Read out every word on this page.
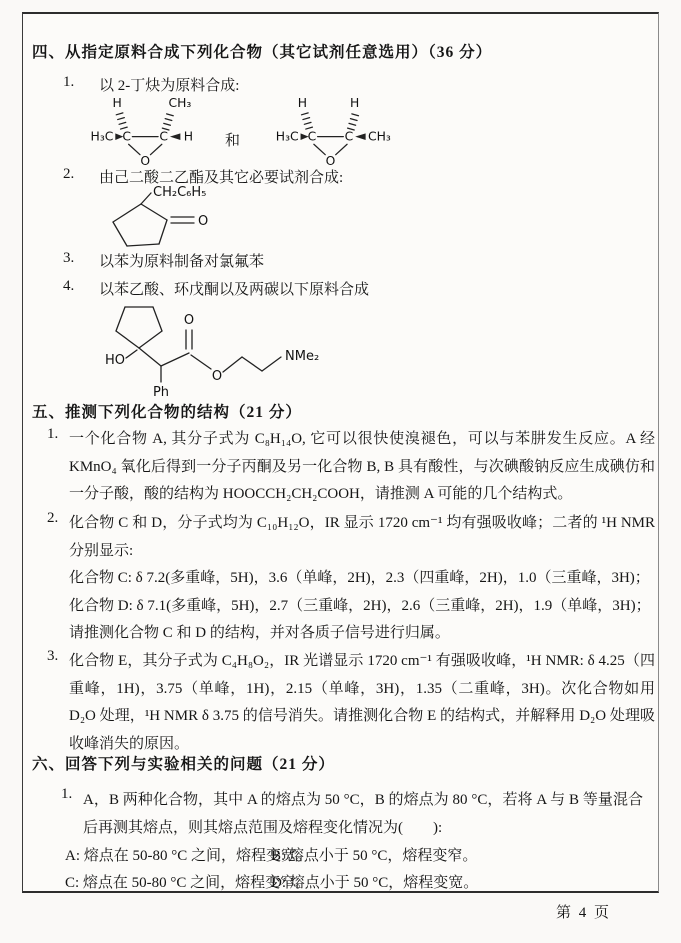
四、从指定原料合成下列化合物（其它试剂任意选用）（36 分）
1.	以 2-丁炔为原料合成:
H₃C
H	CH₃
C C H
O
和	H₃C
H	H
C C CH₃
O
2.	由己二酸二乙酯及其它必要试剂合成:
CH₂C₆H₅
O
3.	以苯为原料制备对氯氟苯
4.	以苯乙酸、环戊酮以及两碳以下原料合成
HO
Ph
O
O
NMe₂
五、推测下列化合物的结构（21 分）
1. 一个化合物 A, 其分子式为 C₈H₁₄O, 它可以很快使溴褪色，可以与苯肼发生反应。A 经 KMnO₄ 氧化后得到一分子丙酮及另一化合物 B, B 具有酸性，与次碘酸钠反应生成碘仿和一分子酸，酸的结构为 HOOCCH₂CH₂COOH，请推测 A 可能的几个结构式。
2. 化合物 C 和 D，分子式均为 C₁₀H₁₂O，IR 显示 1720 cm⁻¹ 均有强吸收峰；二者的 ¹H NMR 分别显示:
化合物 C: δ 7.2(多重峰，5H)，3.6（单峰，2H)，2.3（四重峰，2H)，1.0（三重峰，3H)；
化合物 D: δ 7.1(多重峰，5H)，2.7（三重峰，2H)，2.6（三重峰，2H)，1.9（单峰，3H)；
请推测化合物 C 和 D 的结构，并对各质子信号进行归属。
3. 化合物 E，其分子式为 C₄H₈O₂，IR 光谱显示 1720 cm⁻¹ 有强吸收峰，¹H NMR: δ 4.25（四重峰，1H)，3.75（单峰，1H)，2.15（单峰，3H)，1.35（二重峰，3H)。次化合物如用 D₂O 处理，¹H NMR δ 3.75 的信号消失。请推测化合物 E 的结构式，并解释用 D₂O 处理吸收峰消失的原因。
六、回答下列与实验相关的问题（21 分）
1. A，B 两种化合物，其中 A 的熔点为 50 °C，B 的熔点为 80 °C，若将 A 与 B 等量混合后再测其熔点，则其熔点范围及熔程变化情况为(　　):
A: 熔点在 50-80 °C 之间，熔程变宽。
B: 熔点小于 50 °C，熔程变窄。
C: 熔点在 50-80 °C 之间，熔程变窄。
D: 熔点小于 50 °C，熔程变宽。
第 4 页
